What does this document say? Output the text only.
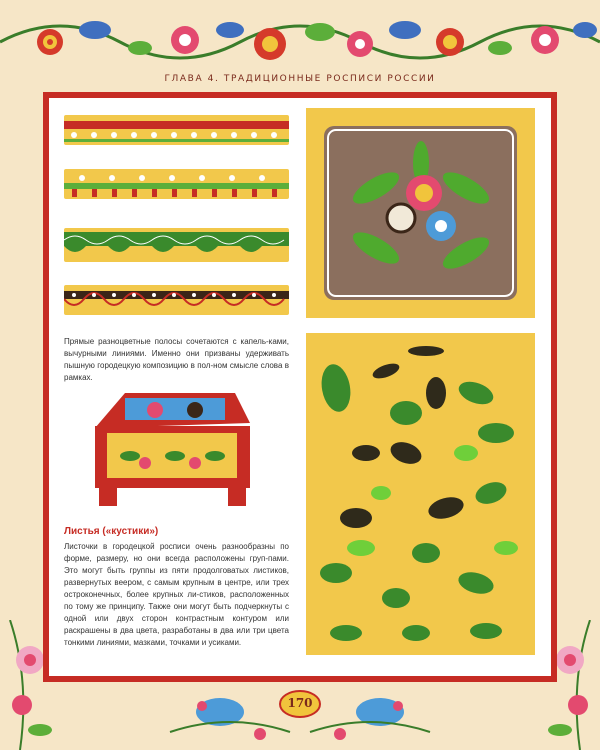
ГЛАВА 4. ТРАДИЦИОННЫЕ РОСПИСИ РОССИИ

Прямые разноцветные полосы сочетаются с капель-ками, вычурными линиями. Именно они призваны удерживать пышную городецкую композицию в пол-ном смысле слова в рамках.

Листья («кустики»)

Листочки в городецкой росписи очень разнообразны по форме, размеру, но они всегда расположены груп-пами. Это могут быть группы из пяти продолговатых листиков, развернутых веером, с самым крупным в центре, или трех остроконечных, более крупных ли-стиков, расположенных по тому же принципу. Также они могут быть подчеркнуты с одной или двух сторон контрастным контуром или раскрашены в два цвета, разработаны в два или три цвета тонкими линиями, мазками, точками и усиками.

170
